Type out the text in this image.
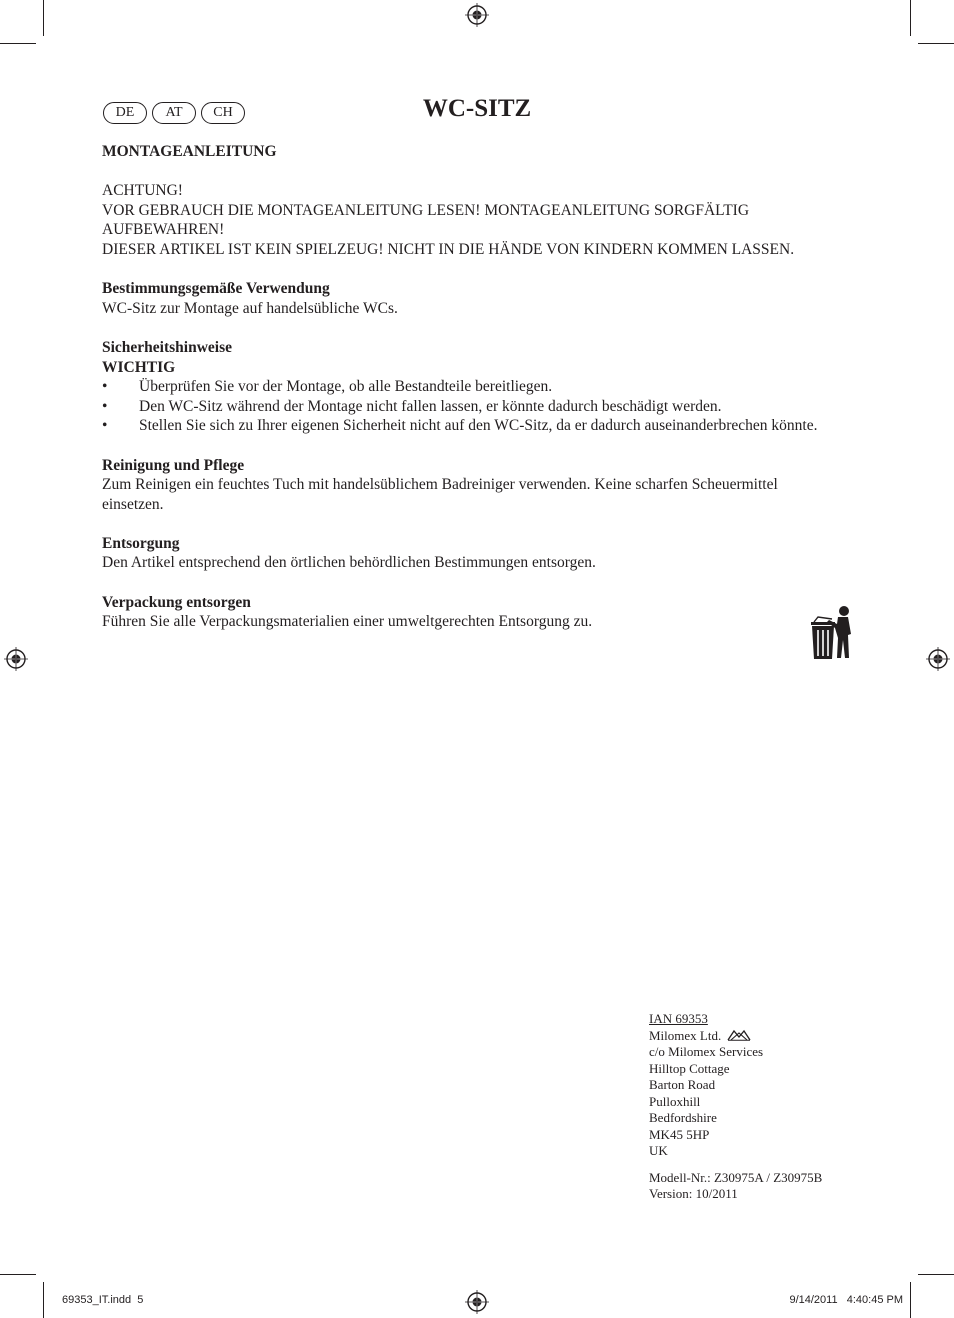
DE	AT	CH	WC-SITZ

MONTAGEANLEITUNG

ACHTUNG!

VOR GEBRAUCH DIE MONTAGEANLEITUNG LESEN! MONTAGEANLEITUNG SORGFÄLTIG

AUFBEWAHREN!

DIESER ARTIKEL IST KEIN SPIELZEUG! NICHT IN DIE HÄNDE VON KINDERN KOMMEN LASSEN.

Bestimmungsgemäße Verwendung

WC-Sitz zur Montage auf handelsübliche WCs.

Sicherheitshinweise

WICHTIG

• Überprüfen Sie vor der Montage, ob alle Bestandteile bereitliegen.
• Den WC-Sitz während der Montage nicht fallen lassen, er könnte dadurch beschädigt werden.
• Stellen Sie sich zu Ihrer eigenen Sicherheit nicht auf den WC-Sitz, da er dadurch auseinanderbrechen könnte.

Reinigung und Pflege

Zum Reinigen ein feuchtes Tuch mit handelsüblichem Badreiniger verwenden. Keine scharfen Scheuermittel einsetzen.

Entsorgung

Den Artikel entsprechend den örtlichen behördlichen Bestimmungen entsorgen.

Verpackung entsorgen

Führen Sie alle Verpackungsmaterialien einer umweltgerechten Entsorgung zu.

IAN 69353
Milomex Ltd.
c/o Milomex Services
Hilltop Cottage
Barton Road
Pulloxhill
Bedfordshire
MK45 5HP
UK
Modell-Nr.: Z30975A / Z30975B
Version: 10/2011
69353_IT.indd 5	9/14/2011   4:40:45 PM
